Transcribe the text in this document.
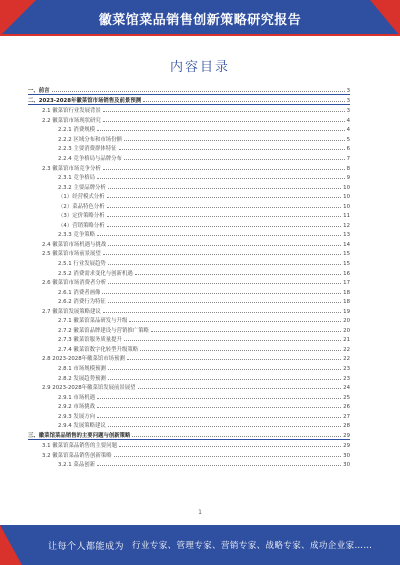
徽菜馆菜品销售创新策略研究报告
内容目录
一、前言	3
二、2023-2028年徽菜馆市场销售及前景预测	3
2.1 徽菜馆行业发展背景	3
2.2 徽菜馆市场现状研究	4
2.2.1 消费规模	4
2.2.2 区域分布和市场份额	5
2.2.3 主要消费群体特征	6
2.2.4 竞争格局与品牌分布	7
2.3 徽菜馆市场竞争分析	8
2.3.1 竞争格局	9
2.3.2 主要品牌分析	10
（1）经营模式分析	10
（2）菜品特色分析	10
（3）定价策略分析	11
（4）营销策略分析	12
2.3.3 竞争策略	13
2.4 徽菜馆市场机遇与挑战	14
2.5 徽菜馆市场前景展望	15
2.5.1 行业发展趋势	15
2.5.2 消费需求变化与创新机遇	16
2.6 徽菜馆市场消费者分析	17
2.6.1 消费者画像	18
2.6.2 消费行为特征	18
2.7 徽菜馆发展策略建议	19
2.7.1 徽菜馆菜品研发与升级	20
2.7.2 徽菜馆品牌建设与营销推广策略	20
2.7.3 徽菜馆服务质量提升	21
2.7.4 徽菜馆数字化转型升级策略	22
2.8 2023-2028年徽菜馆市场预测	22
2.8.1 市场规模预测	23
2.8.2 发展趋势预测	23
2.9 2023-2028年徽菜馆发展前景展望	24
2.9.1 市场机遇	25
2.9.2 市场挑战	26
2.9.3 发展方向	27
2.9.4 发展策略建议	28
三、徽菜馆菜品销售的主要问题与创新策略	29
3.1 徽菜馆菜品销售的主要问题	29
3.2 徽菜馆菜品销售创新策略	30
3.2.1 菜品创新	30
1
让每个人都能成为 行业专家、管理专家、营销专家、战略专家、成功企业家……
